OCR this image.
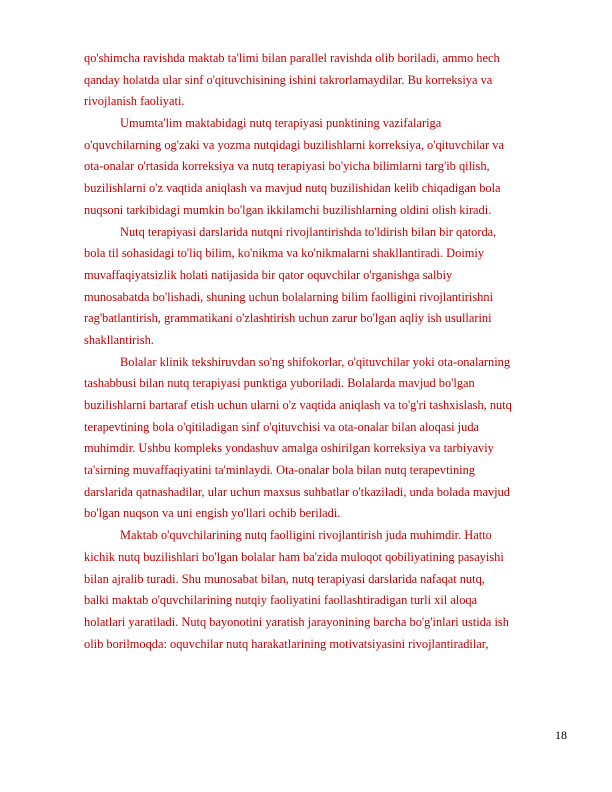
qo'shimcha ravishda maktab ta'limi bilan parallel ravishda olib boriladi, ammo hech
qanday holatda ular sinf o'qituvchisining ishini takrorlamaydilar. Bu korreksiya va
rivojlanish faoliyati.
Umumta'lim maktabidagi nutq terapiyasi punktining vazifalariga
o'quvchilarning og'zaki va yozma nutqidagi buzilishlarni korreksiya, o'qituvchilar va
ota-onalar o'rtasida korreksiya va nutq terapiyasi bo'yicha bilimlarni targ'ib qilish,
buzilishlarni o'z vaqtida aniqlash va mavjud nutq buzilishidan kelib chiqadigan bola
nuqsoni tarkibidagi mumkin bo'lgan ikkilamchi buzilishlarning oldini olish kiradi.
Nutq terapiyasi darslarida nutqni rivojlantirishda to'ldirish bilan bir qatorda,
bola til sohasidagi to'liq bilim, ko'nikma va ko'nikmalarni shakllantiradi. Doimiy
muvaffaqiyatsizlik holati natijasida bir qator oquvchilar o'rganishga salbiy
munosabatda bo'lishadi, shuning uchun bolalarning bilim faolligini rivojlantirishni
rag'batlantirish, grammatikani o'zlashtirish uchun zarur bo'lgan aqliy ish usullarini
shakllantirish.
Bolalar klinik tekshiruvdan so'ng shifokorlar, o'qituvchilar yoki ota-onalarning
tashabbusi bilan nutq terapiyasi punktiga yuboriladi. Bolalarda mavjud bo'lgan
buzilishlarni bartaraf etish uchun ularni o'z vaqtida aniqlash va to'g'ri tashxislash, nutq
terapevtining bola o'qitiladigan sinf o'qituvchisi va ota-onalar bilan aloqasi juda
muhimdir. Ushbu kompleks yondashuv amalga oshirilgan korreksiya va tarbiyaviy
ta'sirning muvaffaqiyatini ta'minlaydi. Ota-onalar bola bilan nutq terapevtining
darslarida qatnashadilar, ular uchun maxsus suhbatlar o'tkaziladi, unda bolada mavjud
bo'lgan nuqson va uni engish yo'llari ochib beriladi.
Maktab o'quvchilarining nutq faolligini rivojlantirish juda muhimdir. Hatto
kichik nutq buzilishlari bo'lgan bolalar ham ba'zida muloqot qobiliyatining pasayishi
bilan ajralib turadi. Shu munosabat bilan, nutq terapiyasi darslarida nafaqat nutq,
balki maktab o'quvchilarining nutqiy faoliyatini faollashtiradigan turli xil aloqa
holatlari yaratiladi. Nutq bayonotini yaratish jarayonining barcha bo'g'inlari ustida ish
olib borilmoqda: oquvchilar nutq harakatlarining motivatsiyasini rivojlantiradilar,
18
